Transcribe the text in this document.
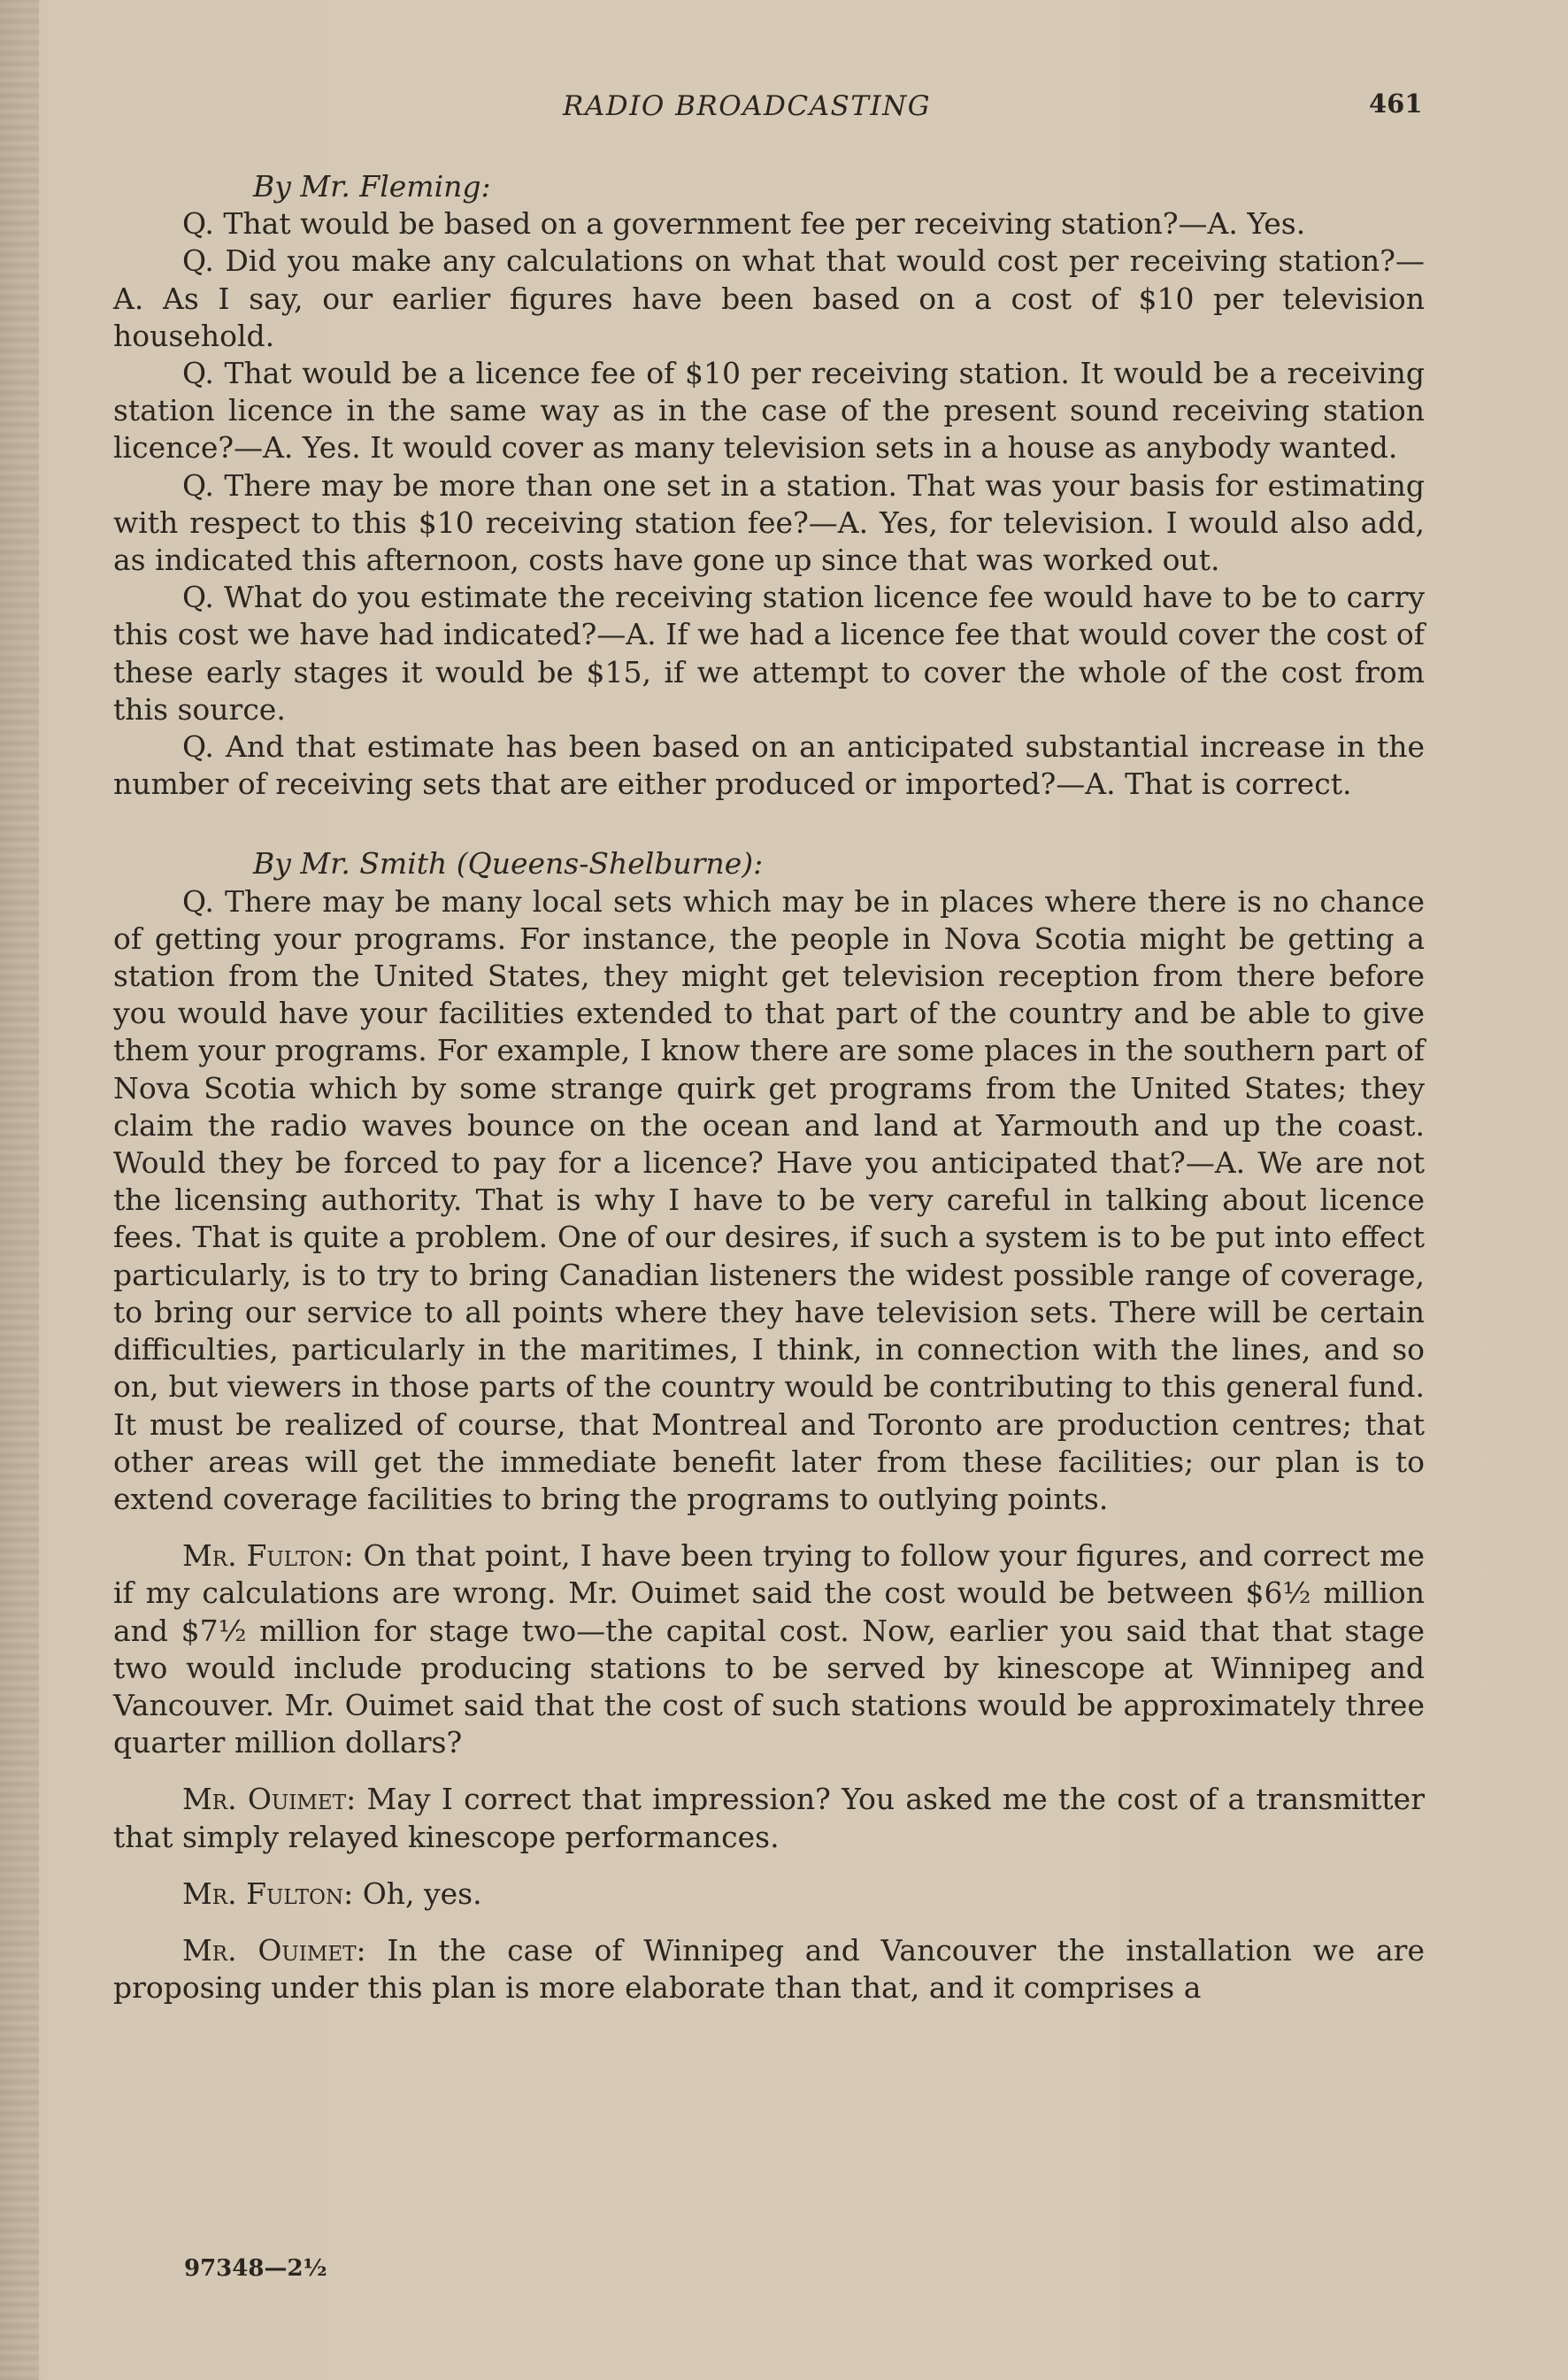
RADIO BROADCASTING	461

By Mr. Fleming:

Q. That would be based on a government fee per receiving station?—A. Yes.

Q. Did you make any calculations on what that would cost per receiving station?—A. As I say, our earlier figures have been based on a cost of $10 per television household.

Q. That would be a licence fee of $10 per receiving station. It would be a receiving station licence in the same way as in the case of the present sound receiving station licence?—A. Yes. It would cover as many television sets in a house as anybody wanted.

Q. There may be more than one set in a station. That was your basis for estimating with respect to this $10 receiving station fee?—A. Yes, for television. I would also add, as indicated this afternoon, costs have gone up since that was worked out.

Q. What do you estimate the receiving station licence fee would have to be to carry this cost we have had indicated?—A. If we had a licence fee that would cover the cost of these early stages it would be $15, if we attempt to cover the whole of the cost from this source.

Q. And that estimate has been based on an anticipated substantial increase in the number of receiving sets that are either produced or imported?—A. That is correct.

By Mr. Smith (Queens-Shelburne):

Q. There may be many local sets which may be in places where there is no chance of getting your programs. For instance, the people in Nova Scotia might be getting a station from the United States, they might get television reception from there before you would have your facilities extended to that part of the country and be able to give them your programs. For example, I know there are some places in the southern part of Nova Scotia which by some strange quirk get programs from the United States; they claim the radio waves bounce on the ocean and land at Yarmouth and up the coast. Would they be forced to pay for a licence? Have you anticipated that?—A. We are not the licensing authority. That is why I have to be very careful in talking about licence fees. That is quite a problem. One of our desires, if such a system is to be put into effect particularly, is to try to bring Canadian listeners the widest possible range of coverage, to bring our service to all points where they have television sets. There will be certain difficulties, particularly in the maritimes, I think, in connection with the lines, and so on, but viewers in those parts of the country would be contributing to this general fund. It must be realized of course, that Montreal and Toronto are production centres; that other areas will get the immediate benefit later from these facilities; our plan is to extend coverage facilities to bring the programs to outlying points.

Mr. Fulton: On that point, I have been trying to follow your figures, and correct me if my calculations are wrong. Mr. Ouimet said the cost would be between $6½ million and $7½ million for stage two—the capital cost. Now, earlier you said that that stage two would include producing stations to be served by kinescope at Winnipeg and Vancouver. Mr. Ouimet said that the cost of such stations would be approximately three quarter million dollars?

Mr. Ouimet: May I correct that impression? You asked me the cost of a transmitter that simply relayed kinescope performances.

Mr. Fulton: Oh, yes.

Mr. Ouimet: In the case of Winnipeg and Vancouver the installation we are proposing under this plan is more elaborate than that, and it comprises a

97348—2½
